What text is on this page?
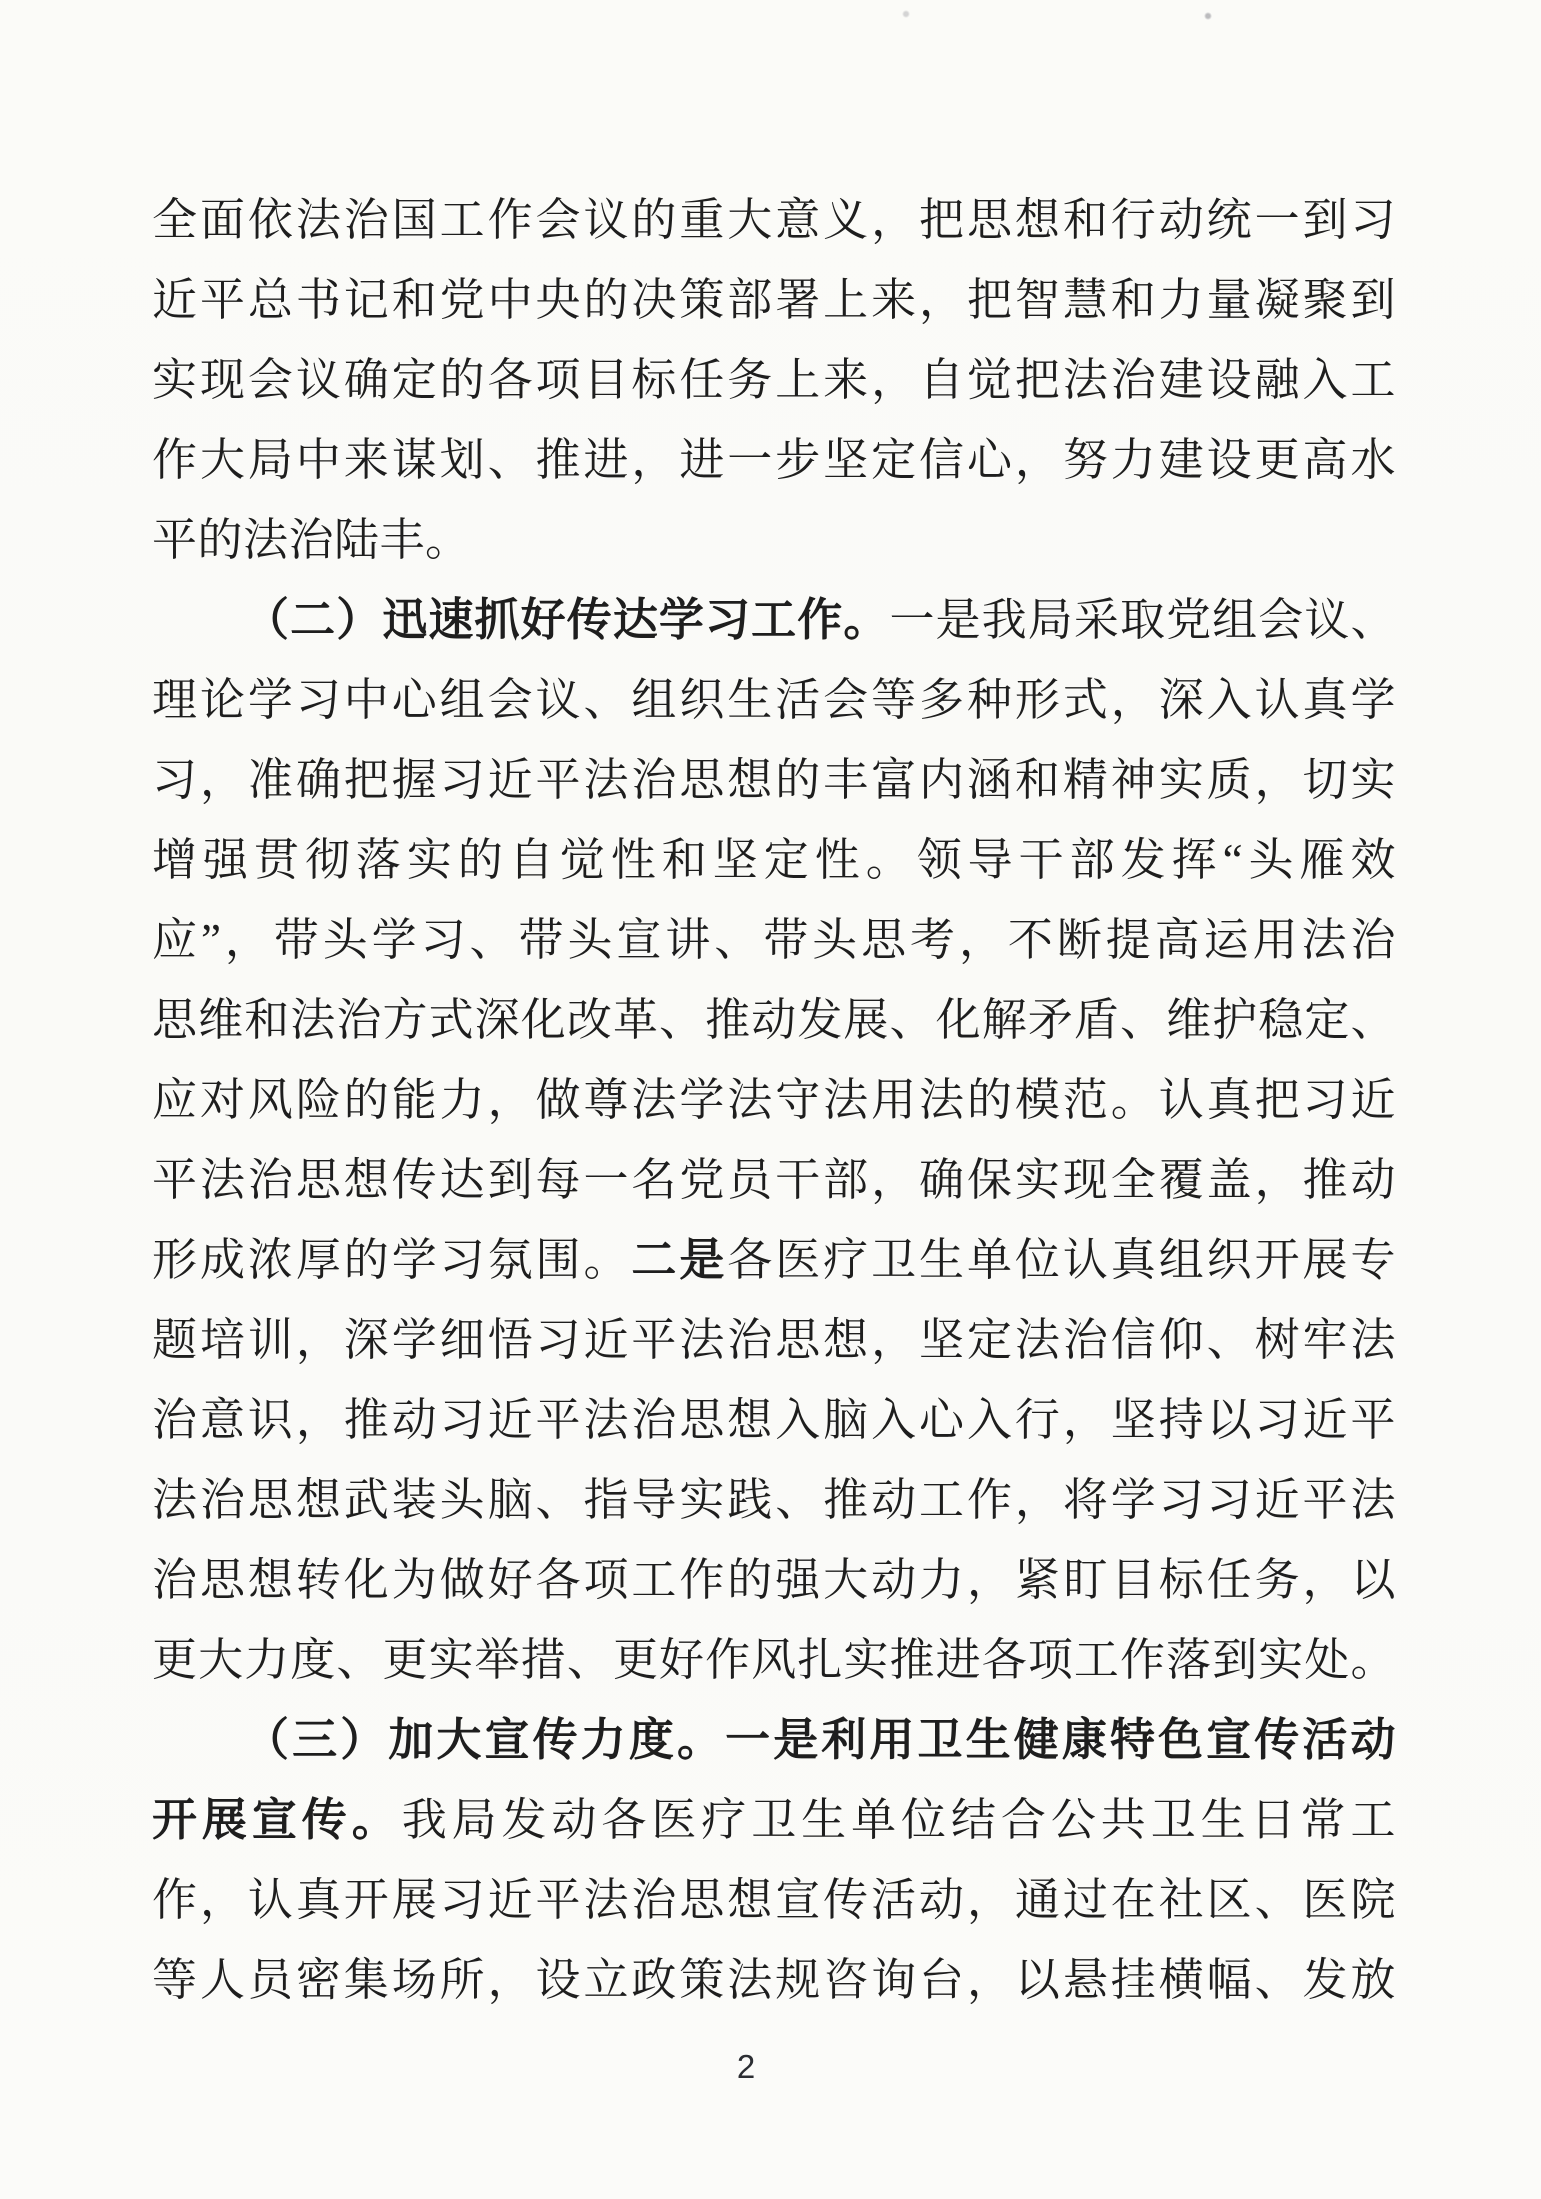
全面依法治国工作会议的重大意义，把思想和行动统一到习
近平总书记和党中央的决策部署上来，把智慧和力量凝聚到
实现会议确定的各项目标任务上来，自觉把法治建设融入工
作大局中来谋划、推进，进一步坚定信心，努力建设更高水
平的法治陆丰。
（二）迅速抓好传达学习工作。一是我局采取党组会议、
理论学习中心组会议、组织生活会等多种形式，深入认真学
习，准确把握习近平法治思想的丰富内涵和精神实质，切实
增强贯彻落实的自觉性和坚定性。领导干部发挥“头雁效
应”，带头学习、带头宣讲、带头思考，不断提高运用法治
思维和法治方式深化改革、推动发展、化解矛盾、维护稳定、
应对风险的能力，做尊法学法守法用法的模范。认真把习近
平法治思想传达到每一名党员干部，确保实现全覆盖，推动
形成浓厚的学习氛围。二是各医疗卫生单位认真组织开展专
题培训，深学细悟习近平法治思想，坚定法治信仰、树牢法
治意识，推动习近平法治思想入脑入心入行，坚持以习近平
法治思想武装头脑、指导实践、推动工作，将学习习近平法
治思想转化为做好各项工作的强大动力，紧盯目标任务，以
更大力度、更实举措、更好作风扎实推进各项工作落到实处。
（三）加大宣传力度。一是利用卫生健康特色宣传活动
开展宣传。我局发动各医疗卫生单位结合公共卫生日常工
作，认真开展习近平法治思想宣传活动，通过在社区、医院
等人员密集场所，设立政策法规咨询台，以悬挂横幅、发放
2
